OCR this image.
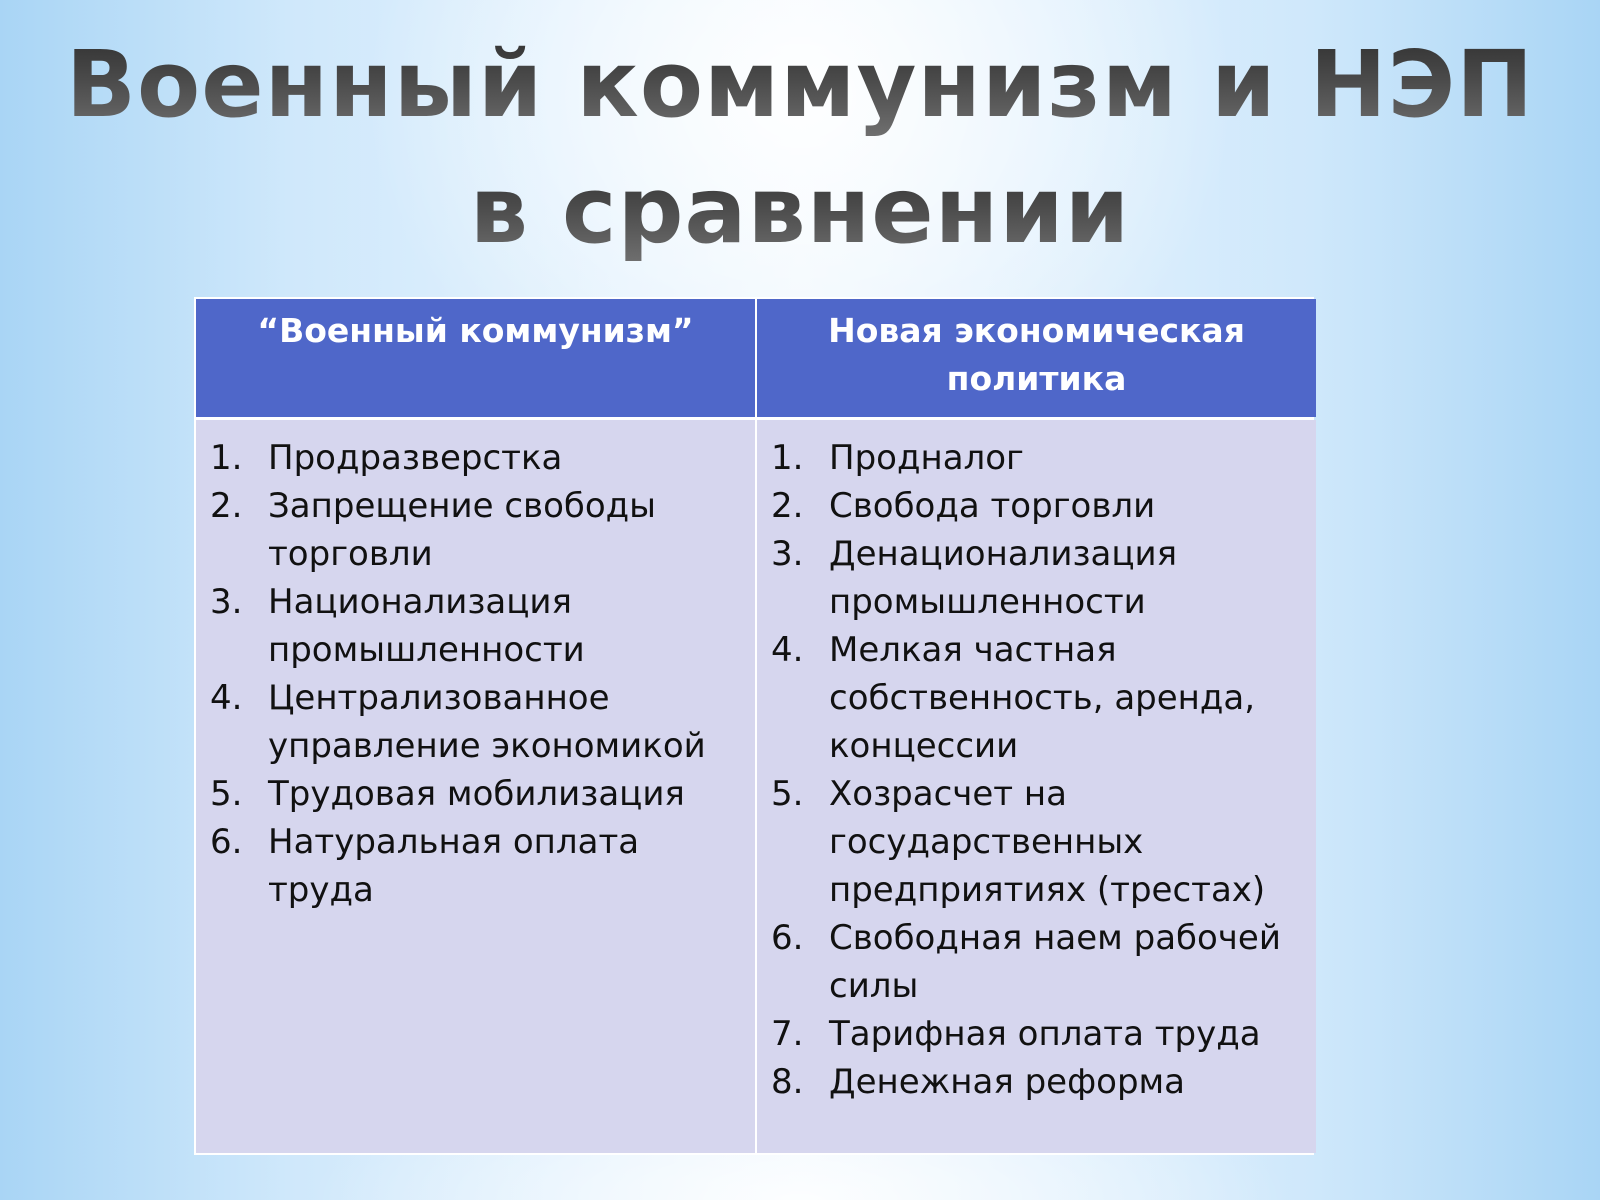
Военный коммунизм и НЭП
в сравнении
“Военный коммунизм”	Новая экономическая политика
1. Продразверстка
2. Запрещение свободы торговли
3. Национализация промышленности
4. Централизованное управление экономикой
5. Трудовая мобилизация
6. Натуральная оплата труда
1. Продналог
2. Свобода торговли
3. Денационализация промышленности
4. Мелкая частная собственность, аренда, концессии
5. Хозрасчет на государственных предприятиях (трестах)
6. Свободная наем рабочей силы
7. Тарифная оплата труда
8. Денежная реформа
